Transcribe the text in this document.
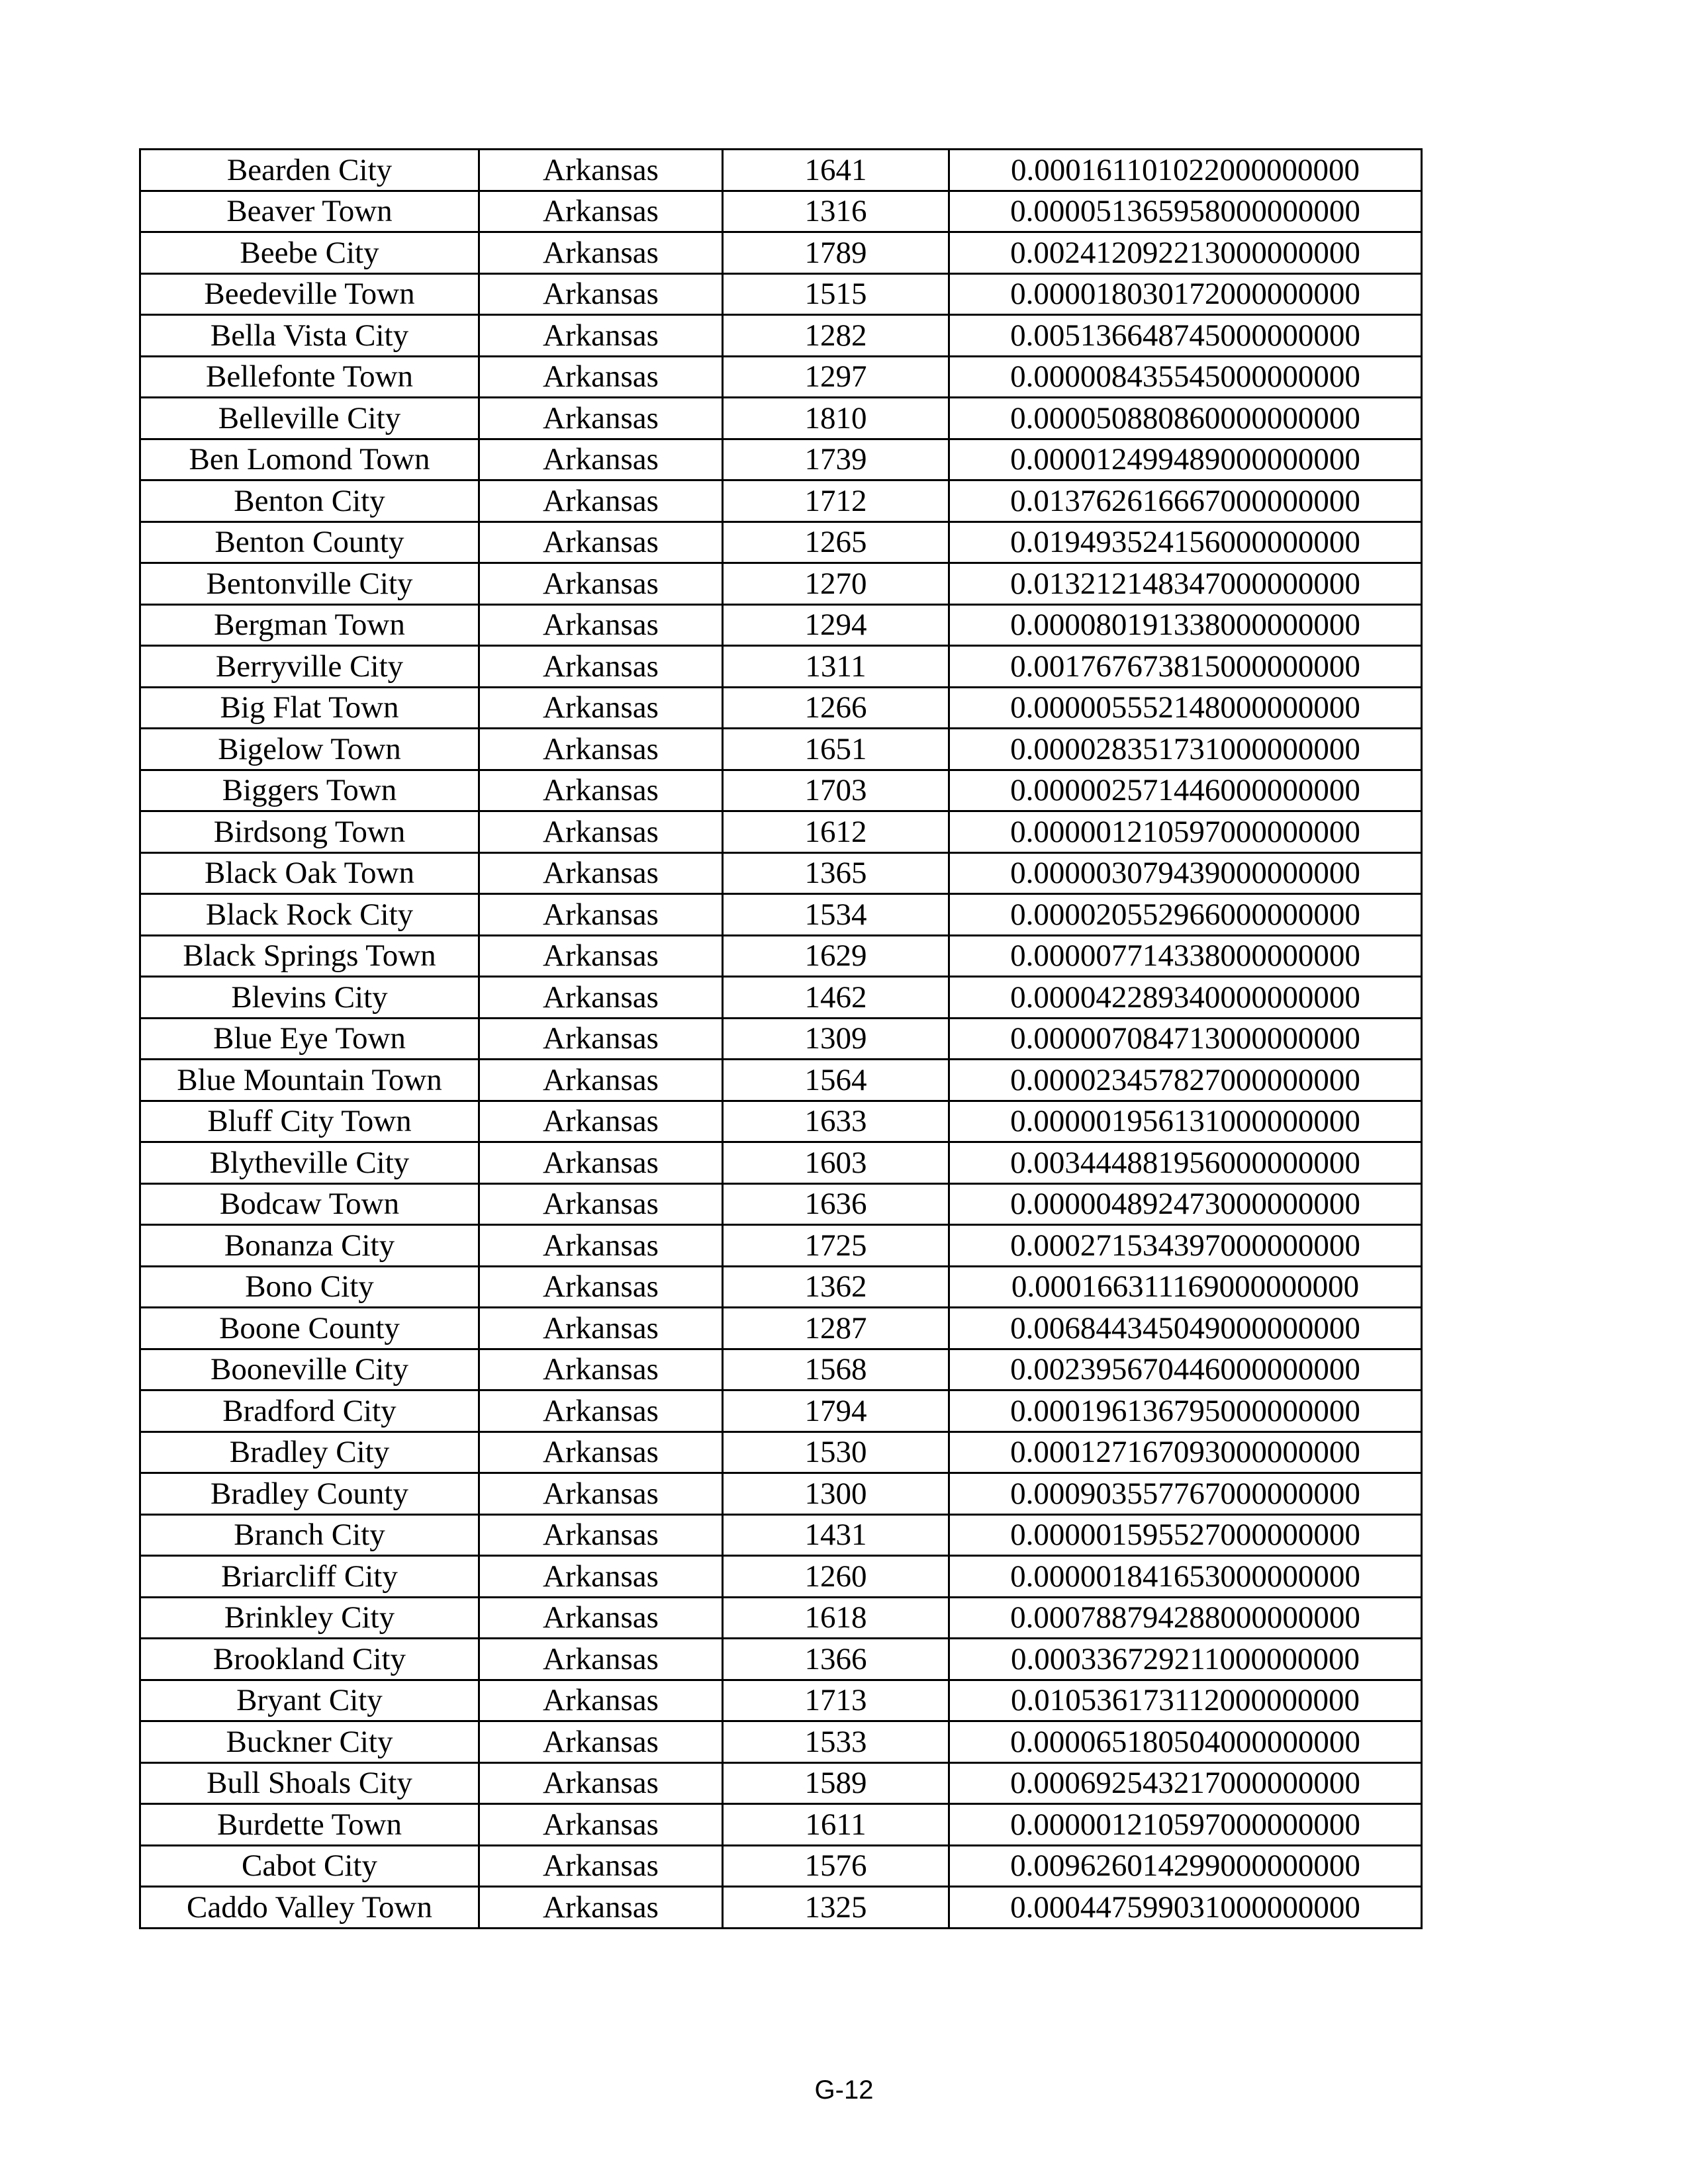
Bearden City	Arkansas	1641	0.000161101022000000000
Beaver Town	Arkansas	1316	0.000051365958000000000
Beebe City	Arkansas	1789	0.002412092213000000000
Beedeville Town	Arkansas	1515	0.000018030172000000000
Bella Vista City	Arkansas	1282	0.005136648745000000000
Bellefonte Town	Arkansas	1297	0.000008435545000000000
Belleville City	Arkansas	1810	0.000050880860000000000
Ben Lomond Town	Arkansas	1739	0.000012499489000000000
Benton City	Arkansas	1712	0.013762616667000000000
Benton County	Arkansas	1265	0.019493524156000000000
Bentonville City	Arkansas	1270	0.013212148347000000000
Bergman Town	Arkansas	1294	0.000080191338000000000
Berryville City	Arkansas	1311	0.001767673815000000000
Big Flat Town	Arkansas	1266	0.000005552148000000000
Bigelow Town	Arkansas	1651	0.000028351731000000000
Biggers Town	Arkansas	1703	0.000002571446000000000
Birdsong Town	Arkansas	1612	0.000001210597000000000
Black Oak Town	Arkansas	1365	0.000003079439000000000
Black Rock City	Arkansas	1534	0.000020552966000000000
Black Springs Town	Arkansas	1629	0.000007714338000000000
Blevins City	Arkansas	1462	0.000042289340000000000
Blue Eye Town	Arkansas	1309	0.000007084713000000000
Blue Mountain Town	Arkansas	1564	0.000023457827000000000
Bluff City Town	Arkansas	1633	0.000001956131000000000
Blytheville City	Arkansas	1603	0.003444881956000000000
Bodcaw Town	Arkansas	1636	0.000004892473000000000
Bonanza City	Arkansas	1725	0.000271534397000000000
Bono City	Arkansas	1362	0.000166311169000000000
Boone County	Arkansas	1287	0.006844345049000000000
Booneville City	Arkansas	1568	0.002395670446000000000
Bradford City	Arkansas	1794	0.000196136795000000000
Bradley City	Arkansas	1530	0.000127167093000000000
Bradley County	Arkansas	1300	0.000903557767000000000
Branch City	Arkansas	1431	0.000001595527000000000
Briarcliff City	Arkansas	1260	0.000001841653000000000
Brinkley City	Arkansas	1618	0.000788794288000000000
Brookland City	Arkansas	1366	0.000336729211000000000
Bryant City	Arkansas	1713	0.010536173112000000000
Buckner City	Arkansas	1533	0.000065180504000000000
Bull Shoals City	Arkansas	1589	0.000692543217000000000
Burdette Town	Arkansas	1611	0.000001210597000000000
Cabot City	Arkansas	1576	0.009626014299000000000
Caddo Valley Town	Arkansas	1325	0.000447599031000000000
G-12
